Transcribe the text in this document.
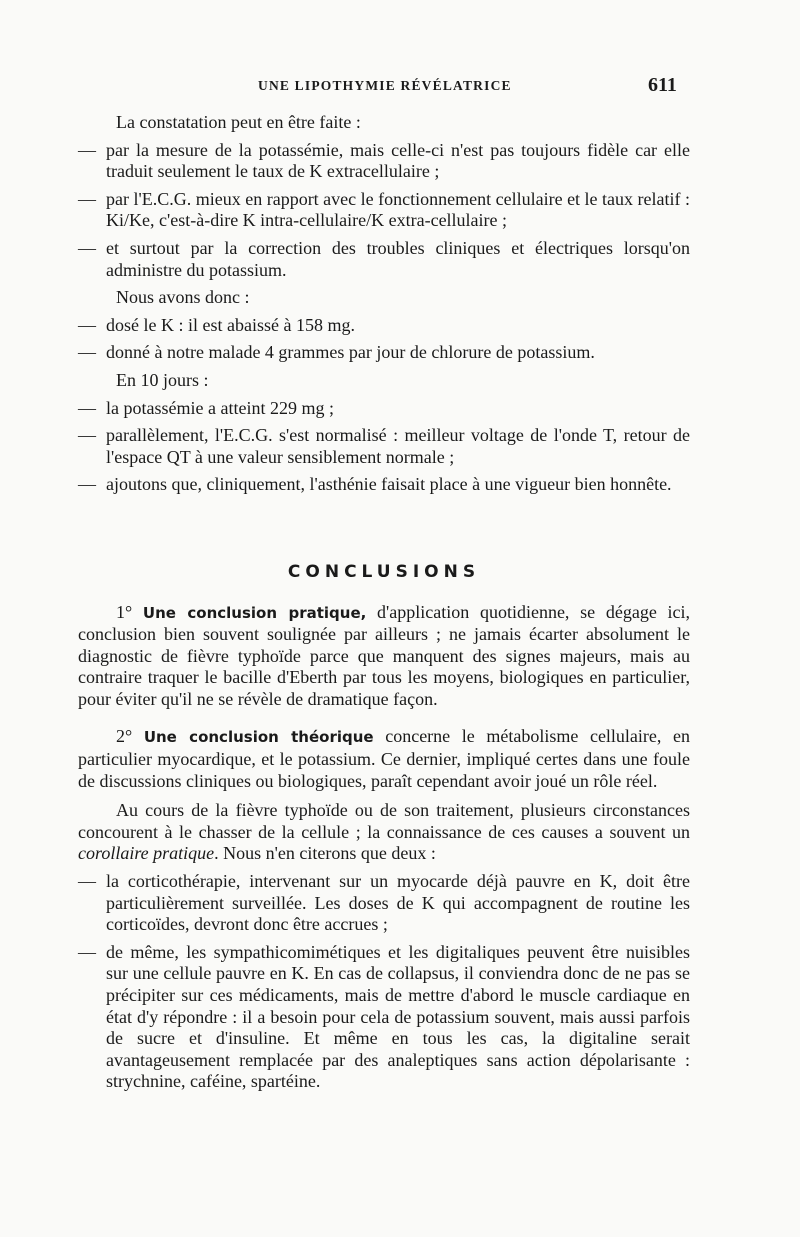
UNE LIPOTHYMIE RÉVÉLATRICE	611

La constatation peut en être faite :

— par la mesure de la potassémie, mais celle-ci n'est pas toujours fidèle car elle traduit seulement le taux de K extracellulaire ;

— par l'E.C.G. mieux en rapport avec le fonctionnement cellulaire et le taux relatif : Ki/Ke, c'est-à-dire K intra-cellulaire/K extra-cellulaire ;

— et surtout par la correction des troubles cliniques et électriques lorsqu'on administre du potassium.

Nous avons donc :

— dosé le K : il est abaissé à 158 mg.

— donné à notre malade 4 grammes par jour de chlorure de potassium.

En 10 jours :

— la potassémie a atteint 229 mg ;

— parallèlement, l'E.C.G. s'est normalisé : meilleur voltage de l'onde T, retour de l'espace QT à une valeur sensiblement normale ;

— ajoutons que, cliniquement, l'asthénie faisait place à une vigueur bien honnête.

CONCLUSIONS

1° Une conclusion pratique, d'application quotidienne, se dégage ici, conclusion bien souvent soulignée par ailleurs ; ne jamais écarter absolument le diagnostic de fièvre typhoïde parce que manquent des signes majeurs, mais au contraire traquer le bacille d'Eberth par tous les moyens, biologiques en particulier, pour éviter qu'il ne se révèle de dramatique façon.

2° Une conclusion théorique concerne le métabolisme cellulaire, en particulier myocardique, et le potassium. Ce dernier, impliqué certes dans une foule de discussions cliniques ou biologiques, paraît cependant avoir joué un rôle réel.

Au cours de la fièvre typhoïde ou de son traitement, plusieurs circonstances concourent à le chasser de la cellule ; la connaissance de ces causes a souvent un corollaire pratique. Nous n'en citerons que deux :

— la corticothérapie, intervenant sur un myocarde déjà pauvre en K, doit être particulièrement surveillée. Les doses de K qui accompagnent de routine les corticoïdes, devront donc être accrues ;

— de même, les sympathicomimétiques et les digitaliques peuvent être nuisibles sur une cellule pauvre en K. En cas de collapsus, il conviendra donc de ne pas se précipiter sur ces médicaments, mais de mettre d'abord le muscle cardiaque en état d'y répondre : il a besoin pour cela de potassium souvent, mais aussi parfois de sucre et d'insuline. Et même en tous les cas, la digitaline serait avantageusement remplacée par des analeptiques sans action dépolarisante : strychnine, caféine, spartéine.
